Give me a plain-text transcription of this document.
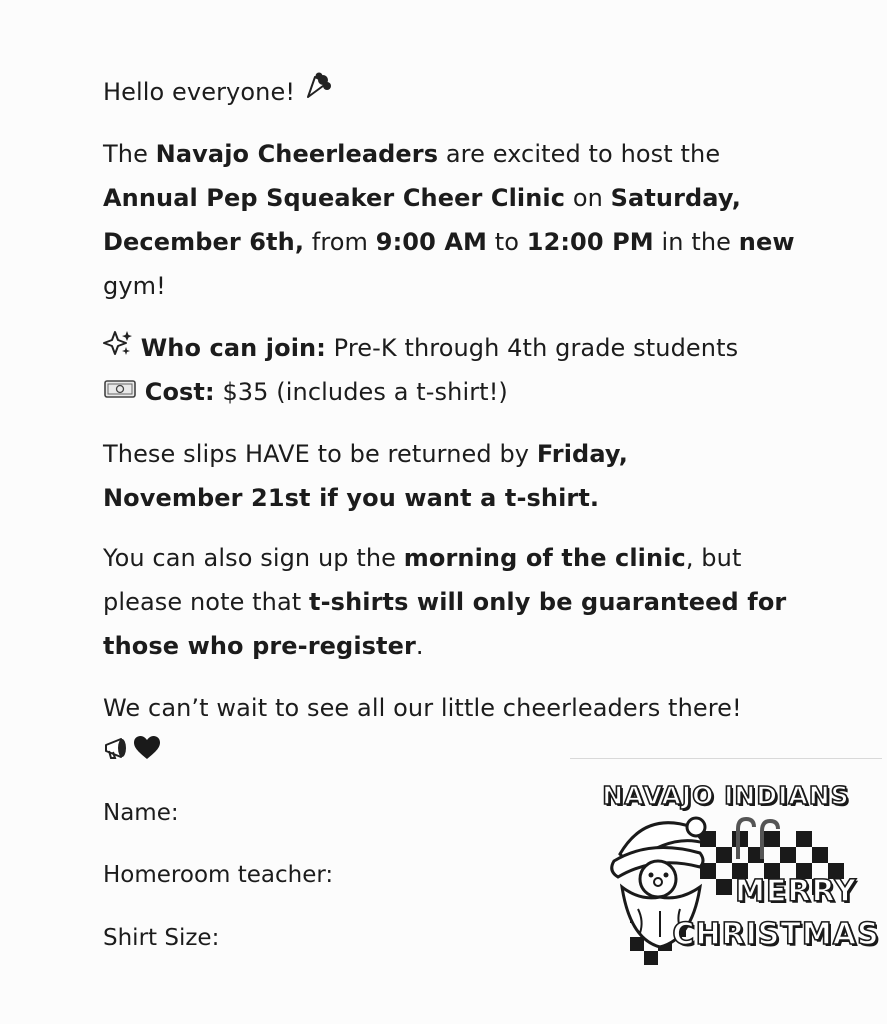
Hello everyone!

The Navajo Cheerleaders are excited to host the

Annual Pep Squeaker Cheer Clinic on Saturday,

December 6th, from 9:00 AM to 12:00 PM in the new

gym!

Who can join: Pre-K through 4th grade students

Cost: $35 (includes a t-shirt!)

These slips HAVE to be returned by Friday,

November 21st if you want a t-shirt.

You can also sign up the morning of the clinic, but

please note that t-shirts will only be guaranteed for

those who pre-register.

We can’t wait to see all our little cheerleaders there!

Name:

Homeroom teacher:

Shirt Size:

NAVAJO INDIANS
MERRY
CHRISTMAS
